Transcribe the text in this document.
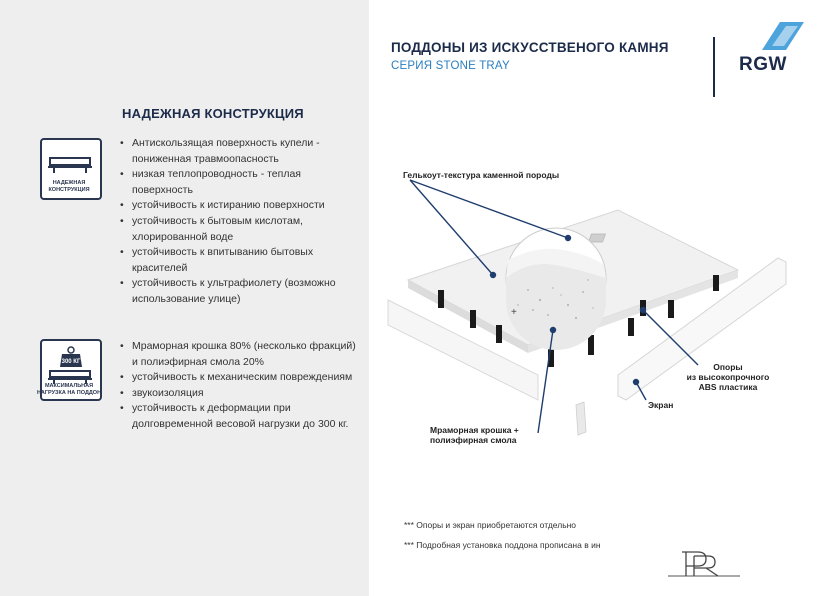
НАДЕЖНАЯ КОНСТРУКЦИЯ
НАДЕЖНАЯ
КОНСТРУКЦИЯ
• Антискользящая поверхность купели - пониженная травмоопасность
• низкая теплопроводность - теплая поверхность
• устойчивость к истиранию поверхности
• устойчивость к бытовым кислотам, хлорированной воде
• устойчивость к впитыванию бытовых красителей
• устойчивость к ультрафиолету (возможно использование улице)
300 КГ
МАКСИМАЛЬНАЯ
НАГРУЗКА НА ПОДДОН
• Мраморная крошка 80% (несколько фракций) и полиэфирная смола 20%
• устойчивость к механическим повреждениям
• звукоизоляция
• устойчивость к деформации при долговременной весовой нагрузки до 300 кг.
ПОДДОНЫ ИЗ ИСКУССТВЕНОГО КАМНЯ
СЕРИЯ STONE TRAY	RGW
+
Гелькоут-текстура каменной породы
Опоры
из высокопрочного
ABS пластика
Экран
Мраморная крошка +
полиэфирная смола
*** Опоры и экран приобретаются отдельно
*** Подробная установка поддона прописана в ин
